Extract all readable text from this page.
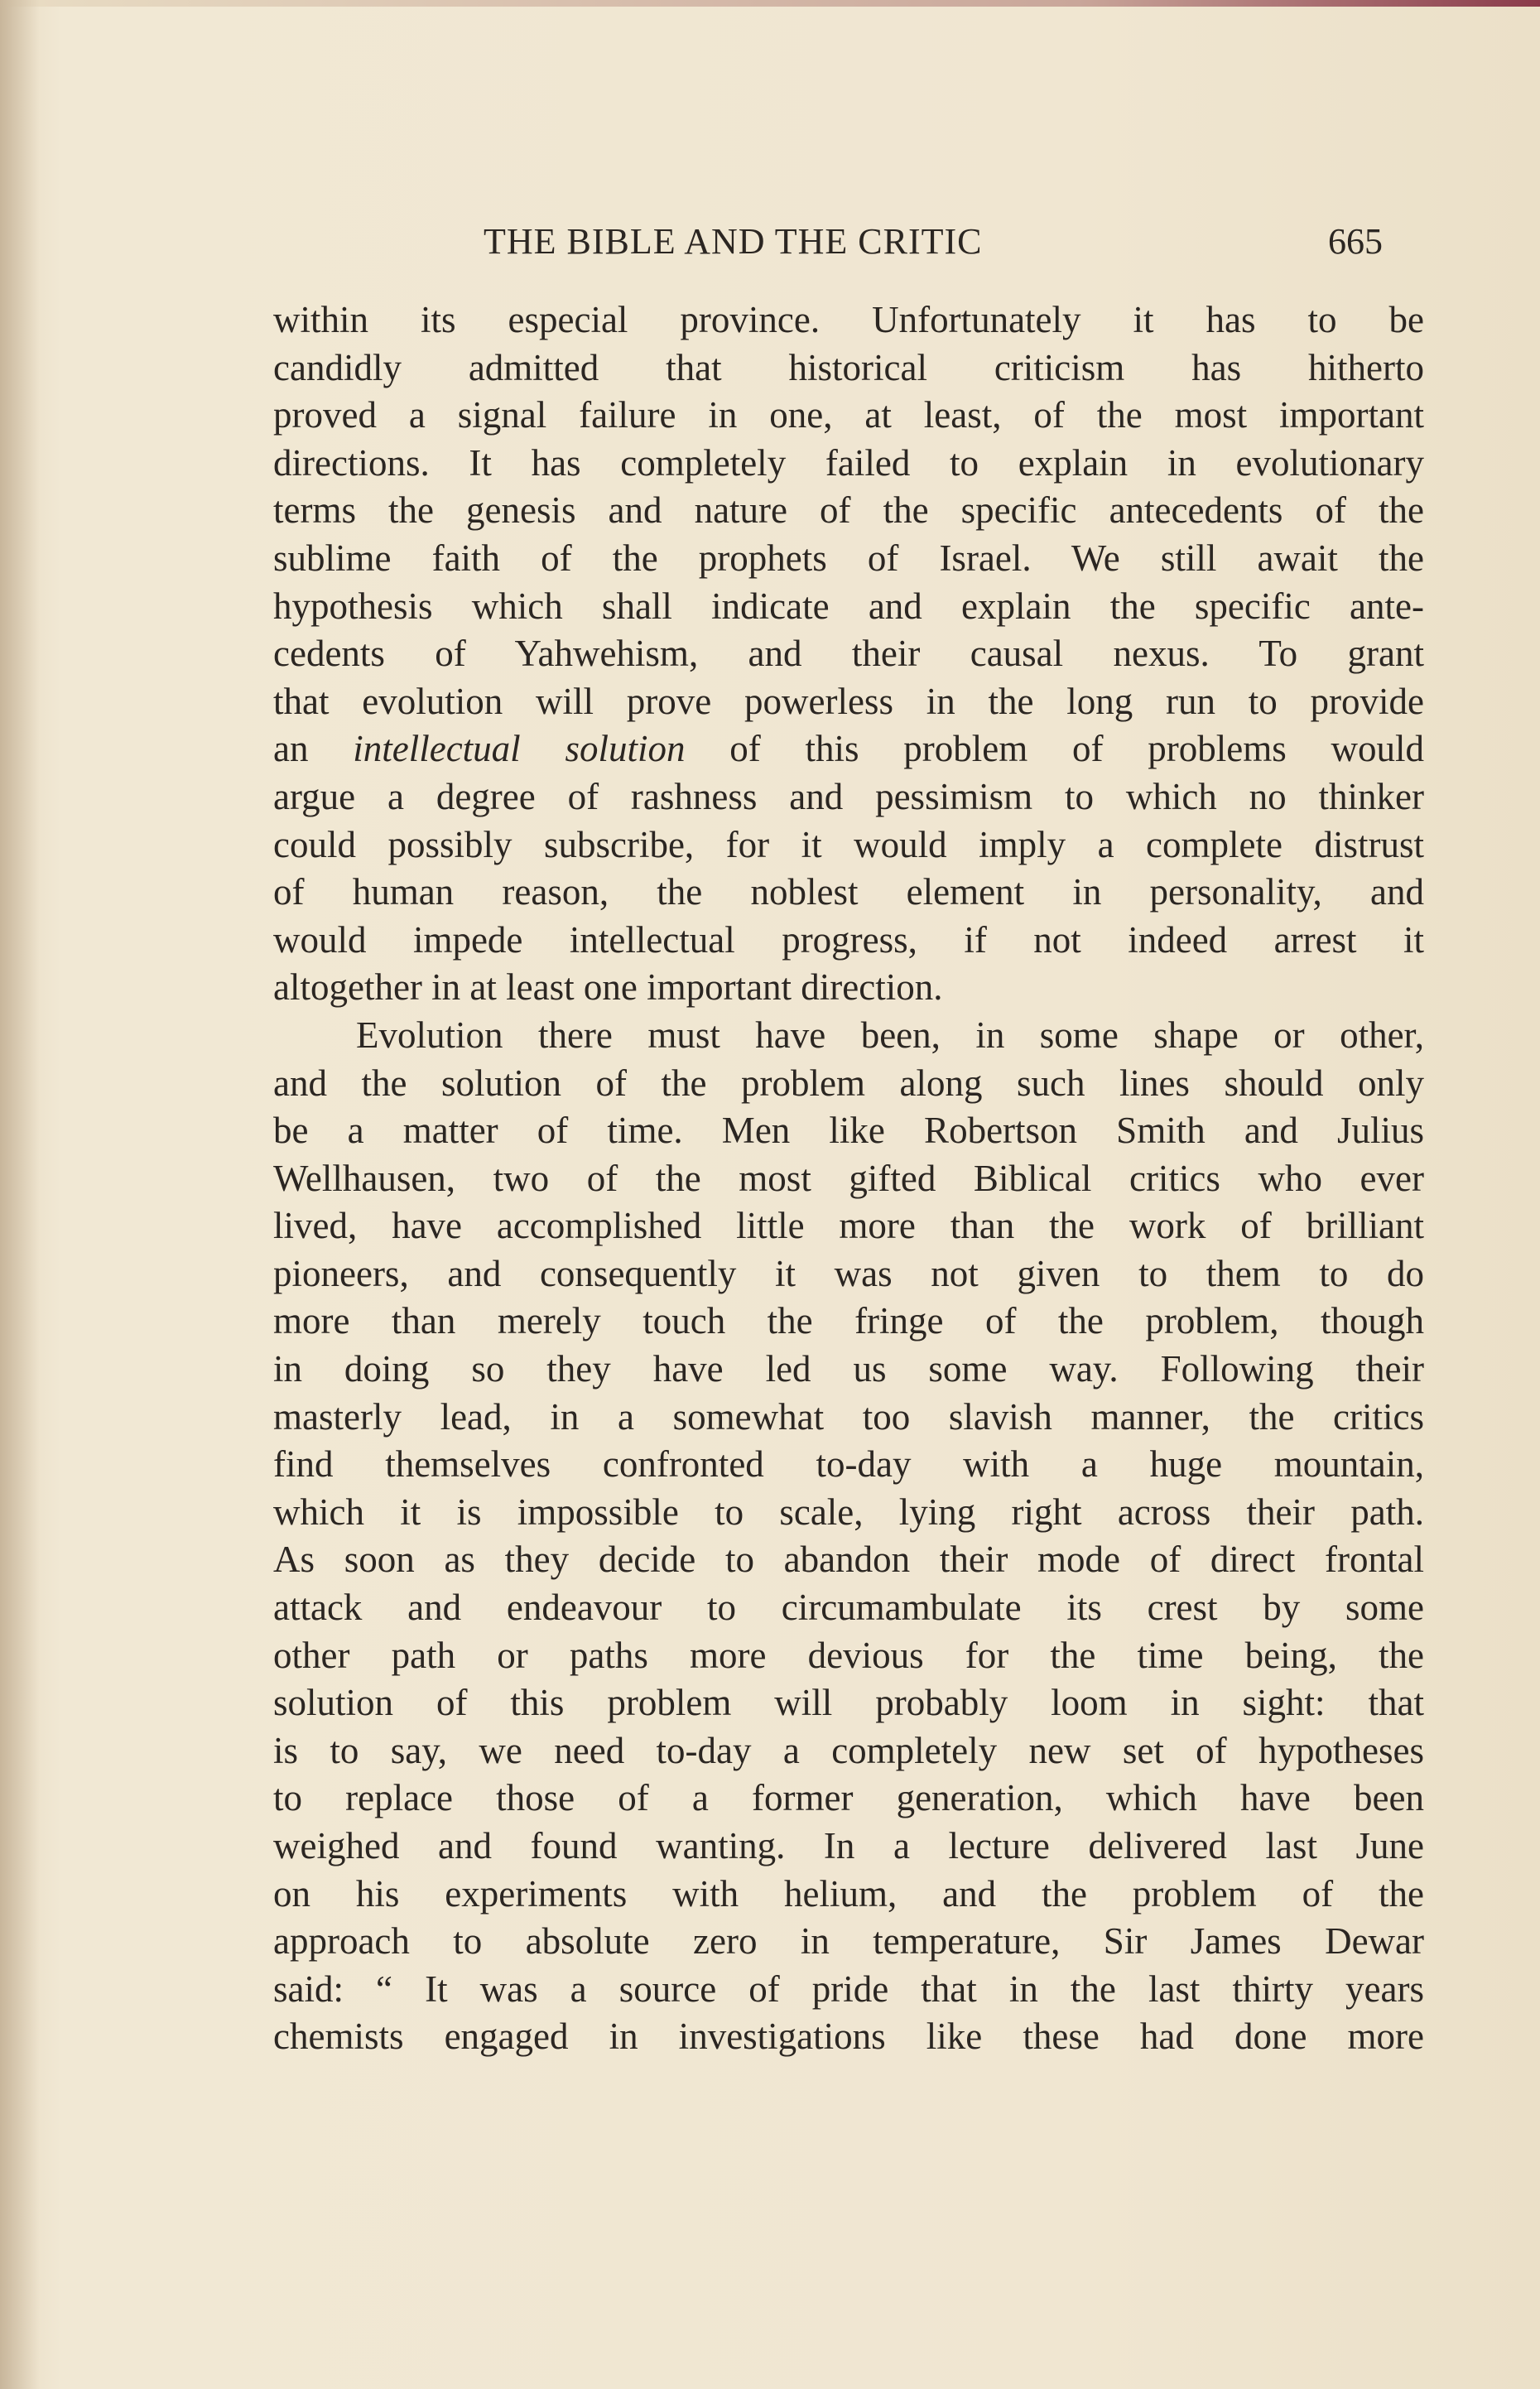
THE BIBLE AND THE CRITIC	665
within its especial province. Unfortunately it has to be
candidly admitted that historical criticism has hitherto
proved a signal failure in one, at least, of the most important
directions. It has completely failed to explain in evolutionary
terms the genesis and nature of the specific antecedents of the
sublime faith of the prophets of Israel. We still await the
hypothesis which shall indicate and explain the specific ante-
cedents of Yahwehism, and their causal nexus. To grant
that evolution will prove powerless in the long run to provide
an intellectual solution of this problem of problems would
argue a degree of rashness and pessimism to which no thinker
could possibly subscribe, for it would imply a complete distrust
of human reason, the noblest element in personality, and
would impede intellectual progress, if not indeed arrest it
altogether in at least one important direction.
Evolution there must have been, in some shape or other,
and the solution of the problem along such lines should only
be a matter of time. Men like Robertson Smith and Julius
Wellhausen, two of the most gifted Biblical critics who ever
lived, have accomplished little more than the work of brilliant
pioneers, and consequently it was not given to them to do
more than merely touch the fringe of the problem, though
in doing so they have led us some way. Following their
masterly lead, in a somewhat too slavish manner, the critics
find themselves confronted to-day with a huge mountain,
which it is impossible to scale, lying right across their path.
As soon as they decide to abandon their mode of direct frontal
attack and endeavour to circumambulate its crest by some
other path or paths more devious for the time being, the
solution of this problem will probably loom in sight: that
is to say, we need to-day a completely new set of hypotheses
to replace those of a former generation, which have been
weighed and found wanting. In a lecture delivered last June
on his experiments with helium, and the problem of the
approach to absolute zero in temperature, Sir James Dewar
said: “ It was a source of pride that in the last thirty years
chemists engaged in investigations like these had done more
